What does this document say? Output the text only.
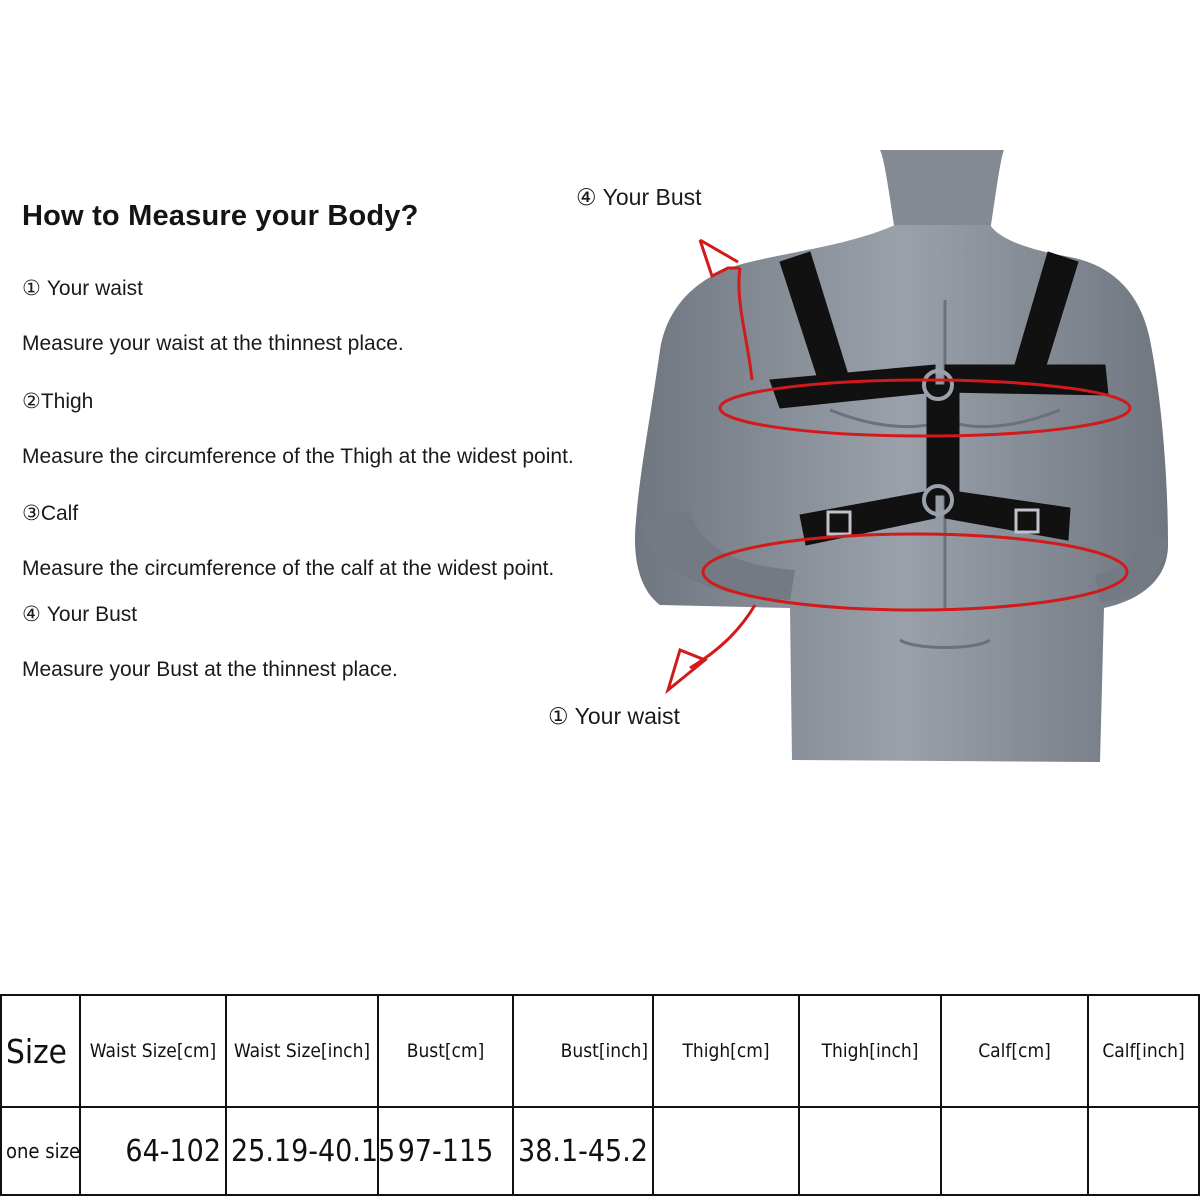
How to Measure your Body?
① Your waist
Measure your waist at the thinnest place.
②Thigh
Measure the circumference of the Thigh at the widest point.
③Calf
Measure the circumference of the calf at the widest point.
④ Your Bust
Measure your Bust at the thinnest place.
④ Your Bust
① Your waist
Size	Waist Size[cm]	Waist Size[inch]	Bust[cm]	Bust[inch]	Thigh[cm]	Thigh[inch]	Calf[cm]	Calf[inch]
one size	64-102	25.19-40.15	97-115	38.1-45.2				
